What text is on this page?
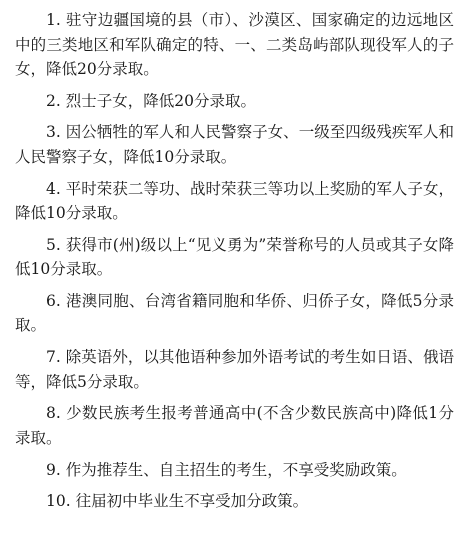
1. 驻守边疆国境的县（市）、沙漠区、国家确定的边远地区中的三类地区和军队确定的特、一、二类岛屿部队现役军人的子女，降低20分录取。

2. 烈士子女，降低20分录取。

3. 因公牺牲的军人和人民警察子女、一级至四级残疾军人和人民警察子女，降低10分录取。

4. 平时荣获二等功、战时荣获三等功以上奖励的军人子女，降低10分录取。

5. 获得市(州)级以上“见义勇为”荣誉称号的人员或其子女降低10分录取。

6. 港澳同胞、台湾省籍同胞和华侨、归侨子女，降低5分录取。

7. 除英语外，以其他语种参加外语考试的考生如日语、俄语等，降低5分录取。

8. 少数民族考生报考普通高中(不含少数民族高中)降低1分录取。

9. 作为推荐生、自主招生的考生，不享受奖励政策。

10. 往届初中毕业生不享受加分政策。
